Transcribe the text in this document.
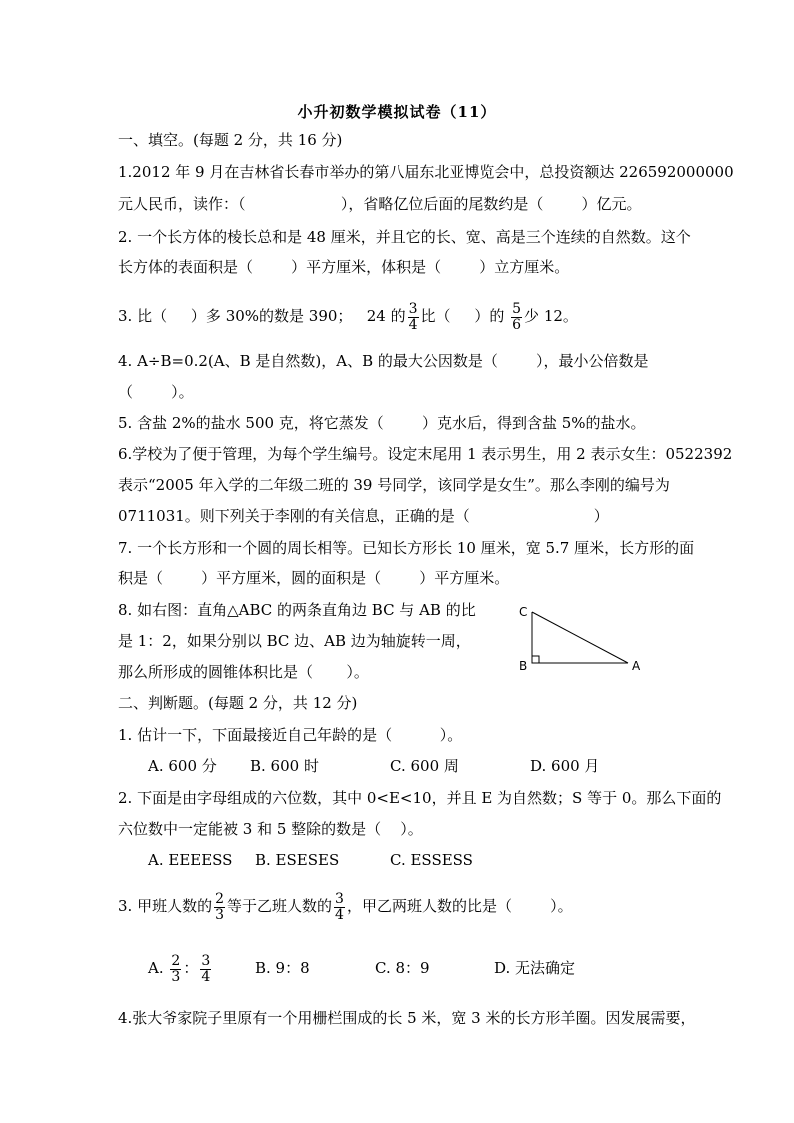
小升初数学模拟试卷（11）
一、填空。(每题 2 分，共 16 分)
1.2012 年 9 月在吉林省长春市举办的第八届东北亚博览会中，总投资额达 226592000000
元人民币，读作：（                    ），省略亿位后面的尾数约是（        ）亿元。
2. 一个长方体的棱长总和是 48 厘米，并且它的长、宽、高是三个连续的自然数。这个
长方体的表面积是（        ）平方厘米，体积是（        ）立方厘米。
3. 比（     ）多 30%的数是 390；   24 的 $\frac{3}{4}$ 比（     ）的 $\frac{5}{6}$ 少 12。
4. A÷B=0.2(A、B 是自然数)，A、B 的最大公因数是（        ），最小公倍数是
（        ）。
5. 含盐 2%的盐水 500 克，将它蒸发（        ）克水后，得到含盐 5%的盐水。
6.学校为了便于管理，为每个学生编号。设定末尾用 1 表示男生，用 2 表示女生：0522392
表示“2005 年入学的二年级二班的 39 号同学，该同学是女生”。那么李刚的编号为
0711031。则下列关于李刚的有关信息，正确的是（                          ）
7. 一个长方形和一个圆的周长相等。已知长方形长 10 厘米，宽 5.7 厘米，长方形的面
积是（        ）平方厘米，圆的面积是（        ）平方厘米。
8. 如右图：直角△ABC 的两条直角边 BC 与 AB 的比
是 1：2，如果分别以 BC 边、AB 边为轴旋转一周，
那么所形成的圆锥体积比是（       ）。
C
B	A
二、判断题。(每题 2 分，共 12 分)
1. 估计一下，下面最接近自己年龄的是（          ）。
A. 600 分 B. 600 时	C. 600 周	D. 600 月
2. 下面是由字母组成的六位数，其中 0<E<10，并且 E 为自然数；S 等于 0。那么下面的
六位数中一定能被 3 和 5 整除的数是（    ）。
A. EEEESS B. ESESES	C. ESSESS
3. 甲班人数的 $\frac{2}{3}$ 等于乙班人数的 $\frac{3}{4}$ ，甲乙两班人数的比是（        ）。
A. $\frac{2}{3}$ ： $\frac{3}{4}$	B. 9：8	C. 8：9	D. 无法确定
4.张大爷家院子里原有一个用栅栏围成的长 5 米，宽 3 米的长方形羊圈。因发展需要，
